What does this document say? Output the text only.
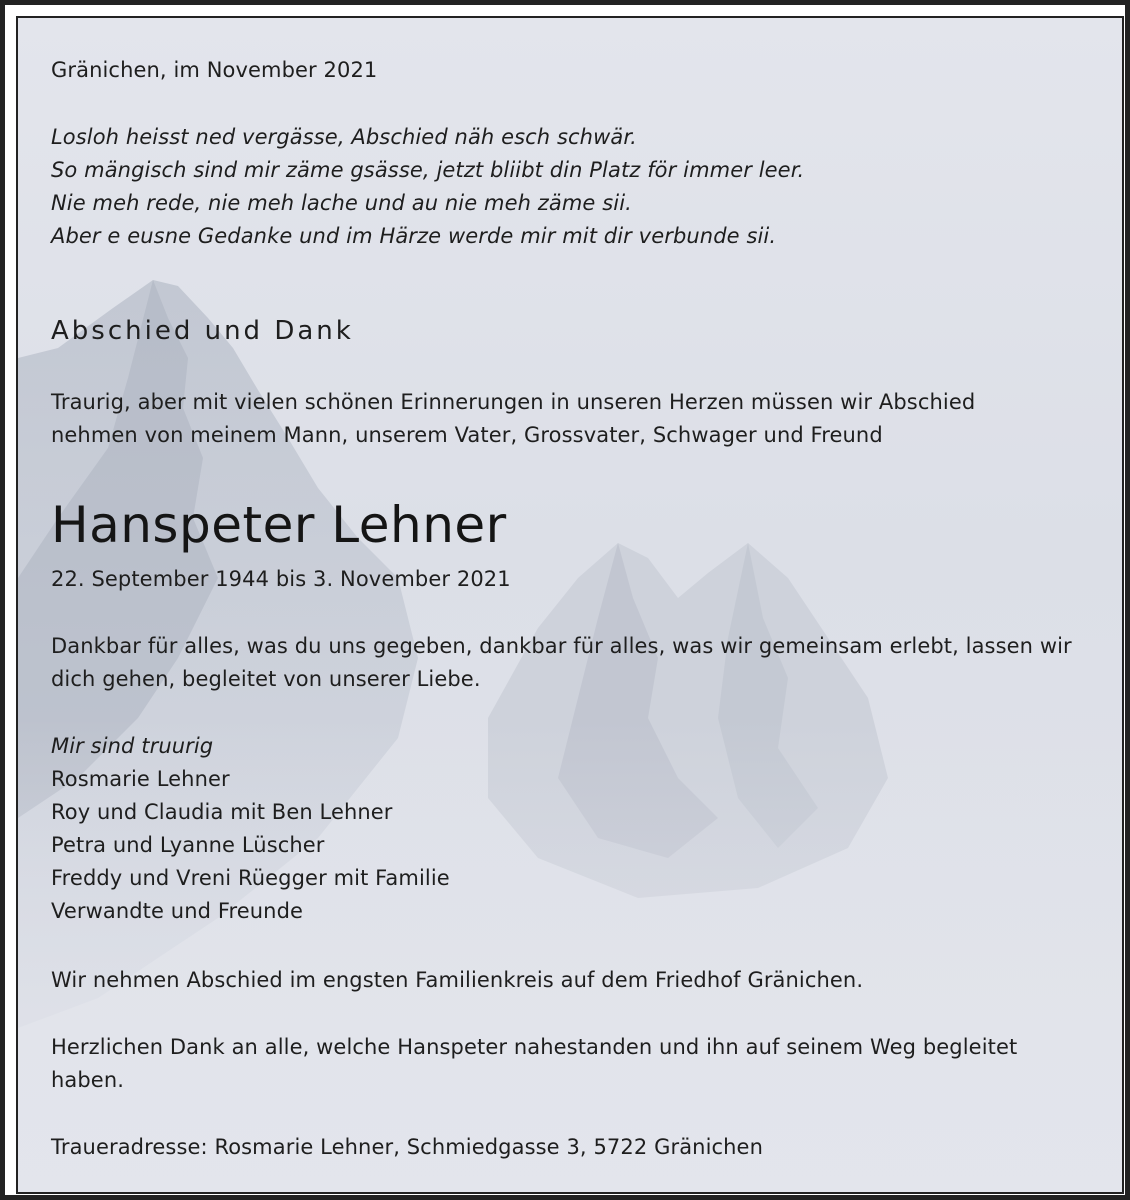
Gränichen, im November 2021
Losloh heisst ned vergässe, Abschied näh esch schwär.
So mängisch sind mir zäme gsässe, jetzt bliibt din Platz för immer leer.
Nie meh rede, nie meh lache und au nie meh zäme sii.
Aber e eusne Gedanke und im Härze werde mir mit dir verbunde sii.
Abschied und Dank
Traurig, aber mit vielen schönen Erinnerungen in unseren Herzen müssen wir Abschied nehmen von meinem Mann, unserem Vater, Grossvater, Schwager und Freund
Hanspeter Lehner
22. September 1944 bis 3. November 2021
Dankbar für alles, was du uns gegeben, dankbar für alles, was wir gemeinsam erlebt, lassen wir dich gehen, begleitet von unserer Liebe.
Mir sind truurig
Rosmarie Lehner
Roy und Claudia mit Ben Lehner
Petra und Lyanne Lüscher
Freddy und Vreni Rüegger mit Familie
Verwandte und Freunde
Wir nehmen Abschied im engsten Familienkreis auf dem Friedhof Gränichen.
Herzlichen Dank an alle, welche Hanspeter nahestanden und ihn auf seinem Weg begleitet haben.
Traueradresse: Rosmarie Lehner, Schmiedgasse 3, 5722 Gränichen
